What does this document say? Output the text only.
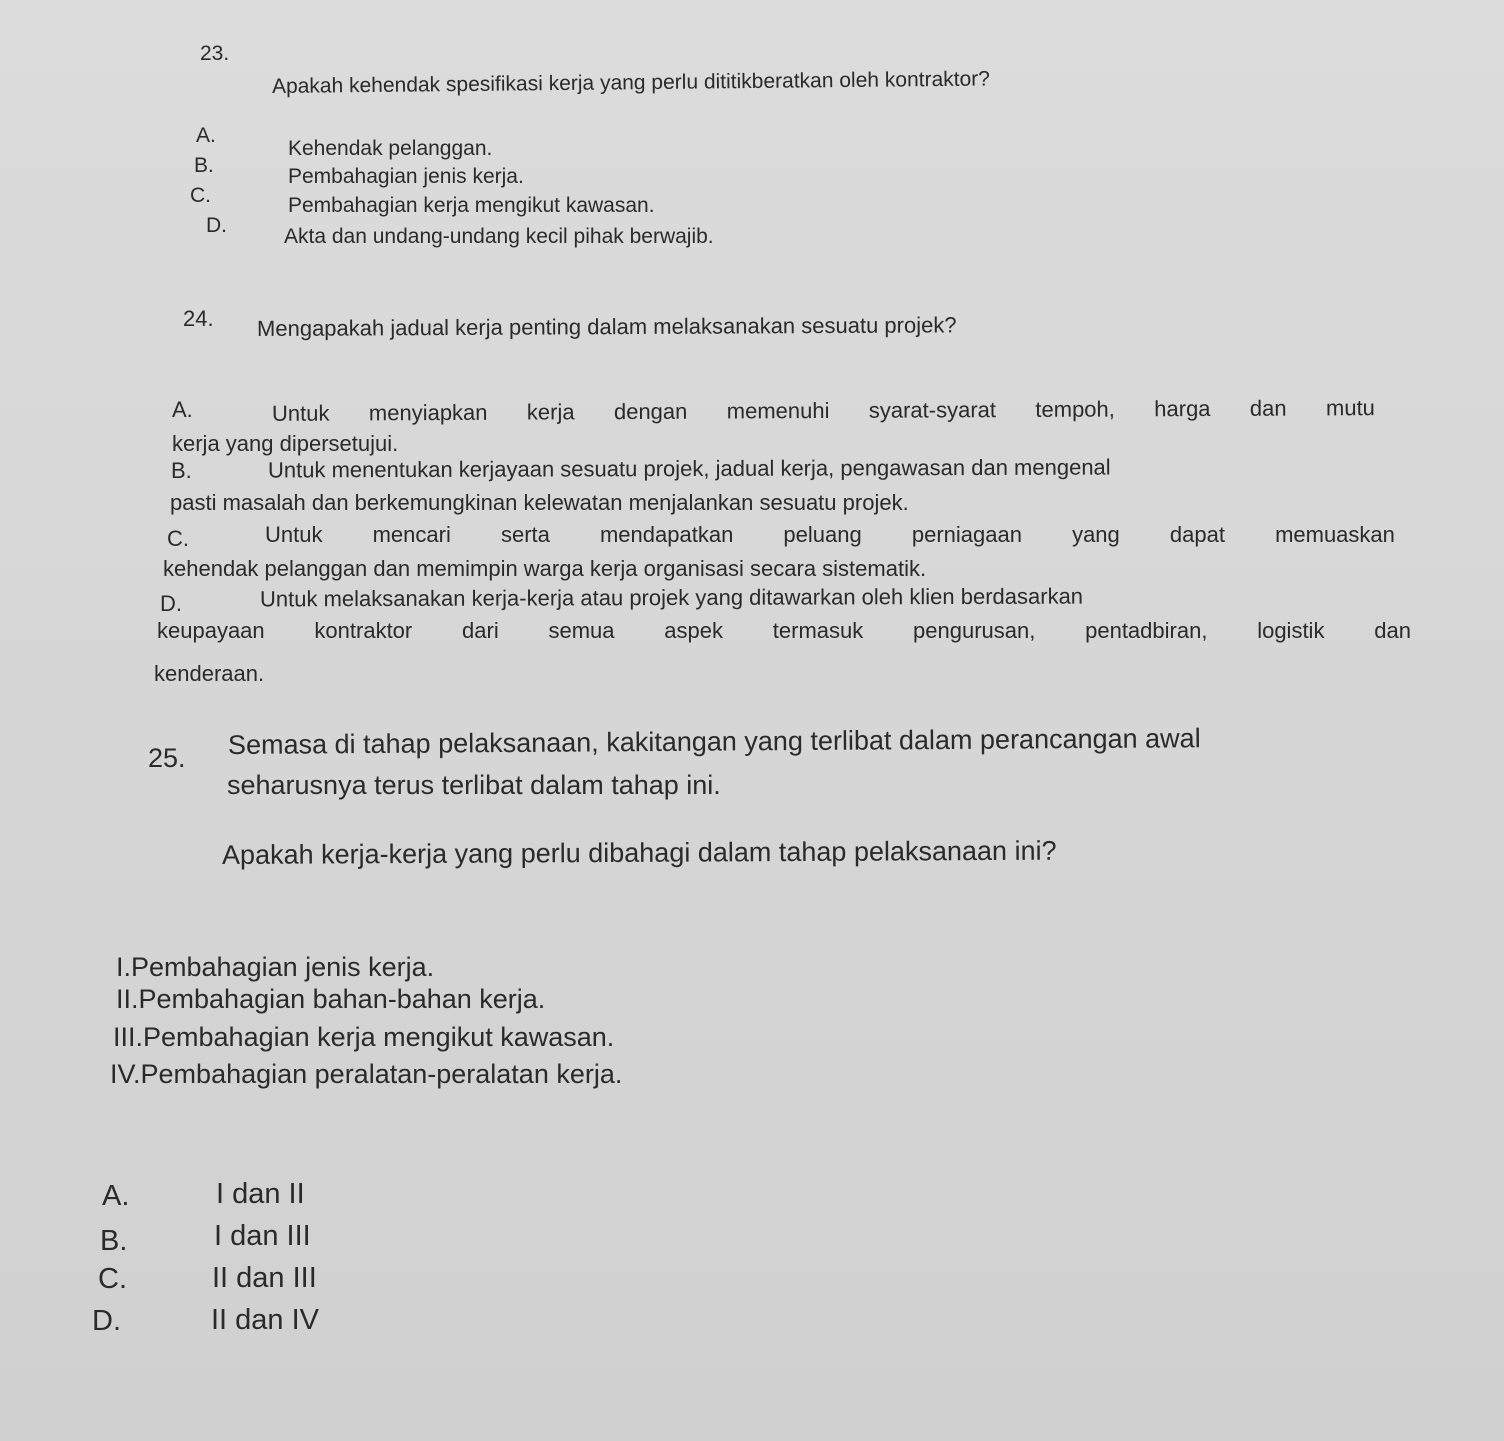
23.
Apakah kehendak spesifikasi kerja yang perlu dititikberatkan oleh kontraktor?
A.
Kehendak pelanggan.
B.	Pembahagian jenis kerja.
C.	Pembahagian kerja mengikut kawasan.
D.	Akta dan undang-undang kecil pihak berwajib.
24. Mengapakah jadual kerja penting dalam melaksanakan sesuatu projek?
A.	Untuk menyiapkan kerja dengan memenuhi syarat-syarat tempoh, harga dan mutu
kerja yang dipersetujui.
B.	Untuk menentukan kerjayaan sesuatu projek, jadual kerja, pengawasan dan mengenal
pasti masalah dan berkemungkinan kelewatan menjalankan sesuatu projek.
C.	Untuk mencari serta mendapatkan peluang perniagaan yang dapat memuaskan
kehendak pelanggan dan memimpin warga kerja organisasi secara sistematik.
D.	Untuk melaksanakan kerja-kerja atau projek yang ditawarkan oleh klien berdasarkan
keupayaan kontraktor dari semua aspek termasuk pengurusan, pentadbiran, logistik dan
kenderaan.
25. Semasa di tahap pelaksanaan, kakitangan yang terlibat dalam perancangan awal
seharusnya terus terlibat dalam tahap ini.
Apakah kerja-kerja yang perlu dibahagi dalam tahap pelaksanaan ini?
I.Pembahagian jenis kerja.
II.Pembahagian bahan-bahan kerja.
III.Pembahagian kerja mengikut kawasan.
IV.Pembahagian peralatan-peralatan kerja.
A.	I dan II
B.	I dan III
C.	II dan III
D.	II dan IV
